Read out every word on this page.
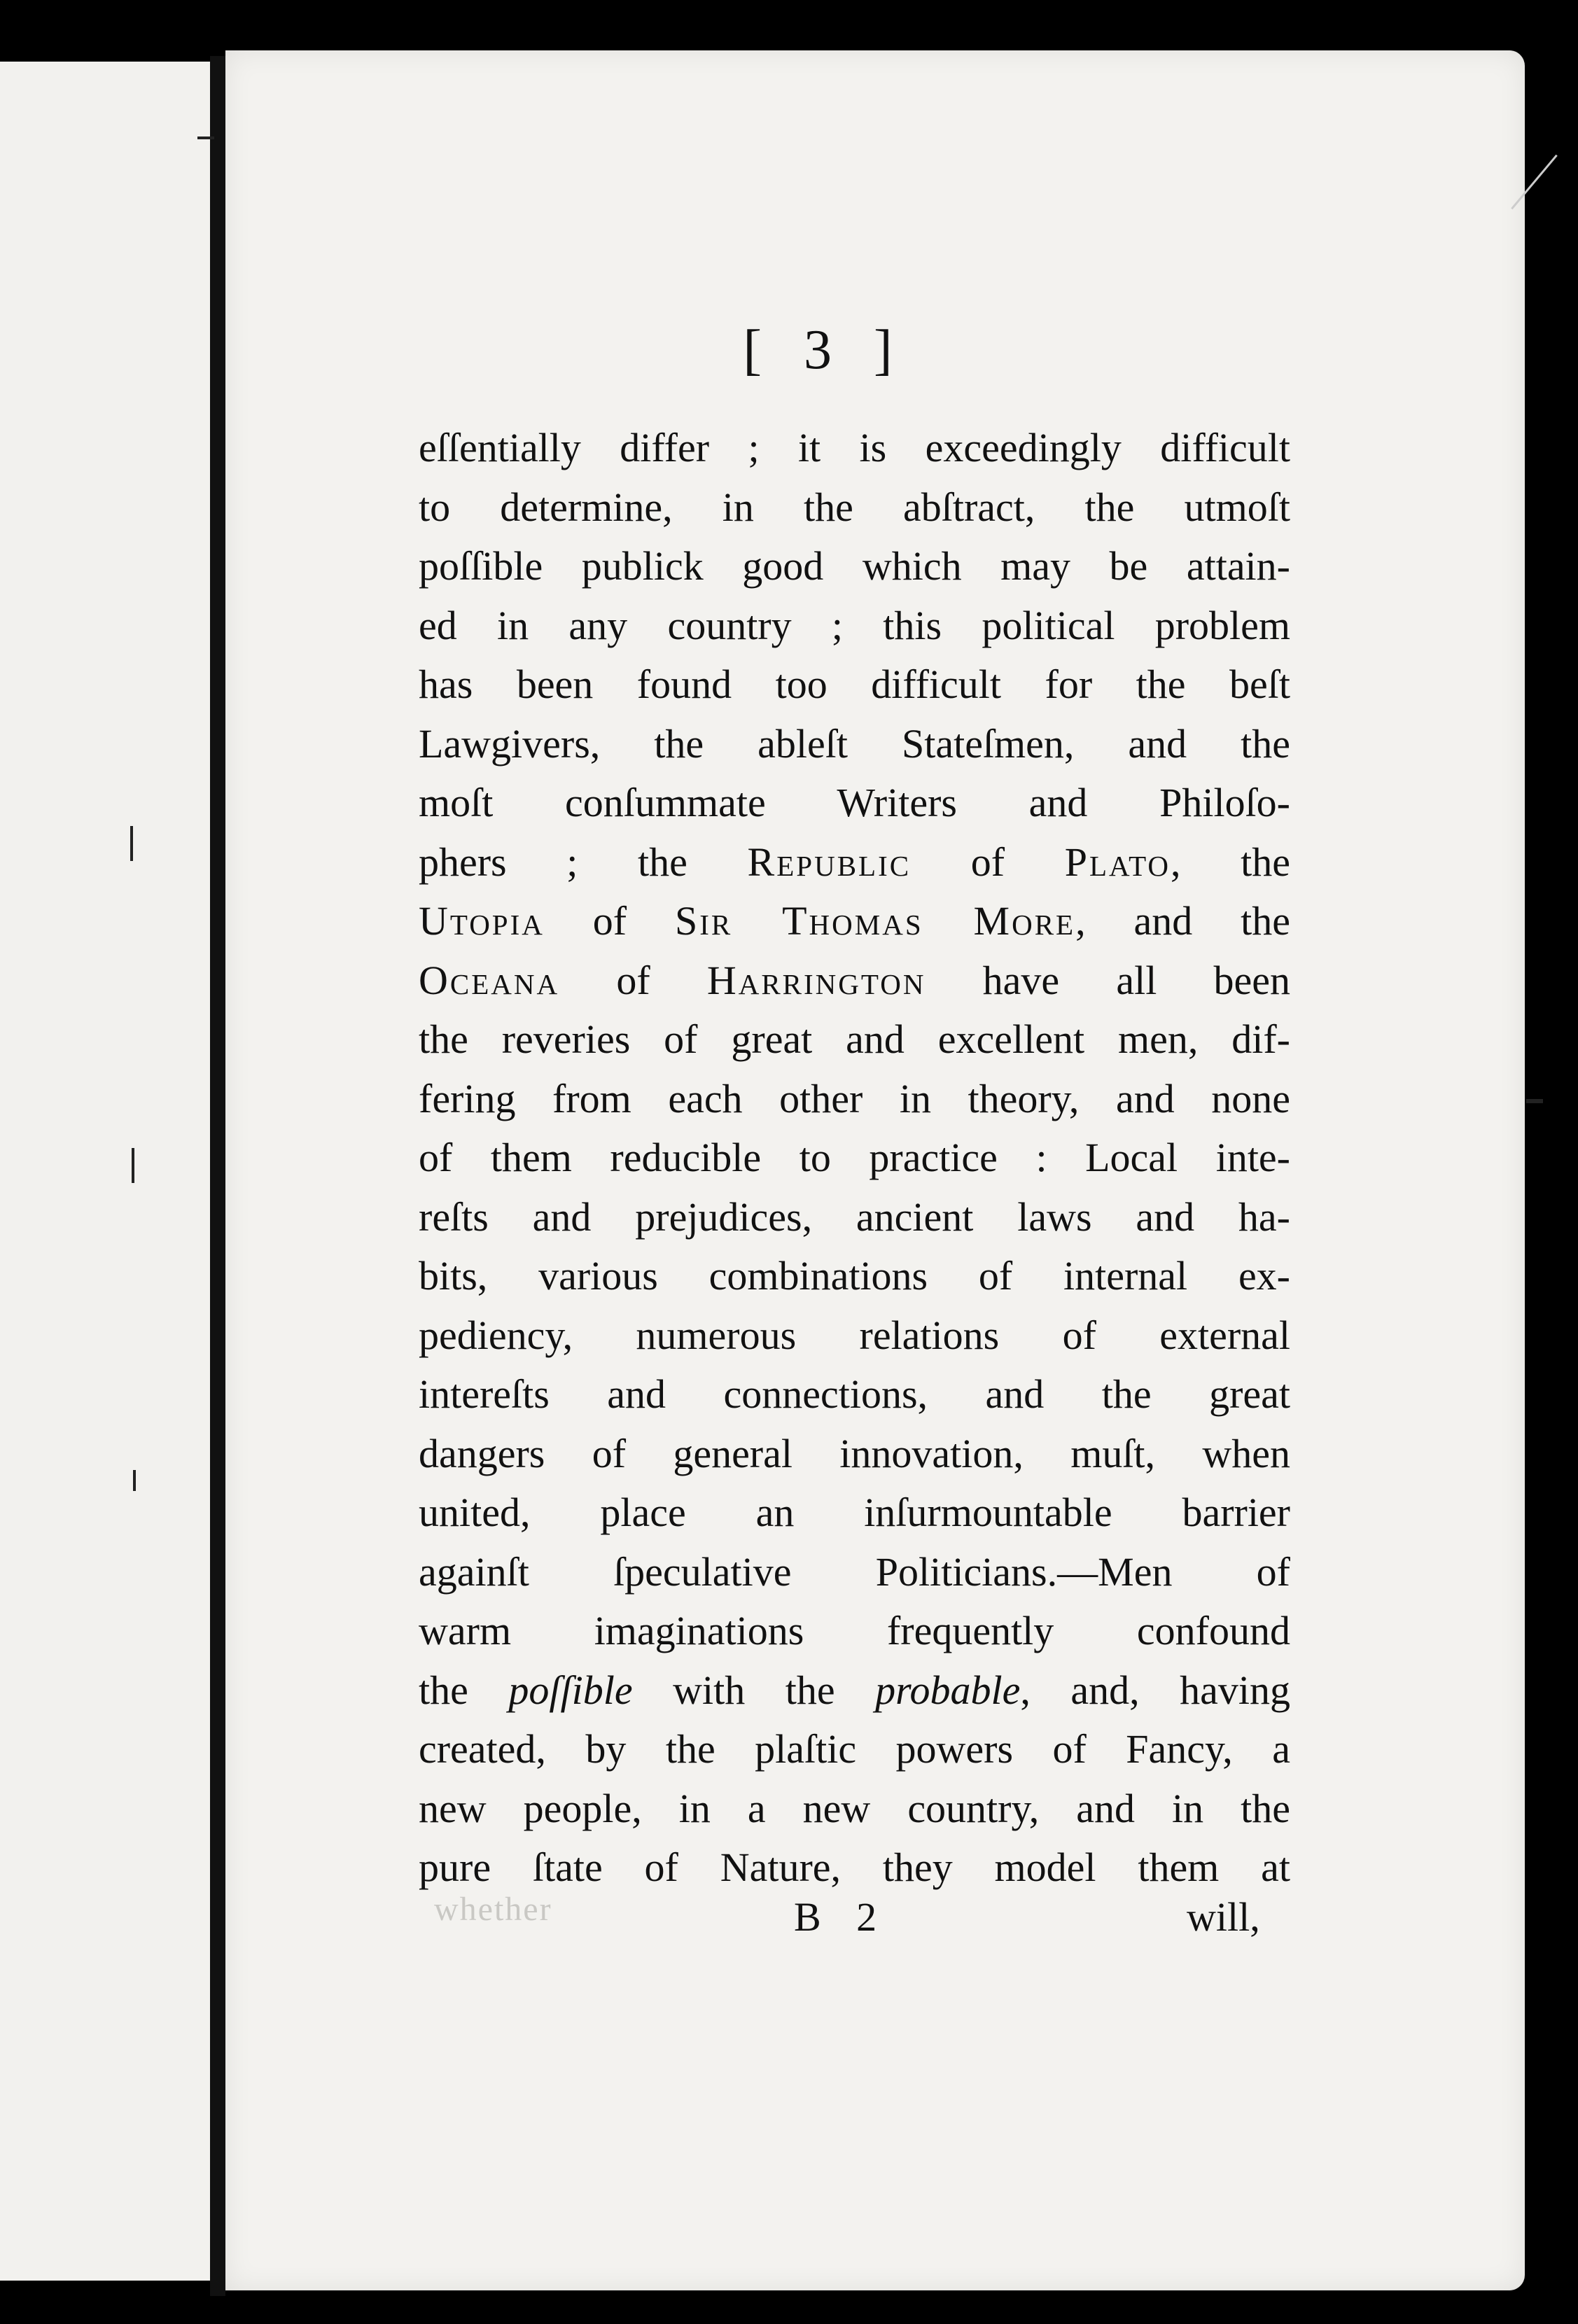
[ 3 ]
eſſentially differ ; it is exceedingly difficult
to determine, in the abſtract, the utmoſt
poſſible publick good which may be attain-
ed in any country ; this political problem
has been found too difficult for the beſt
Lawgivers, the ableſt Stateſmen, and the
moſt conſummate Writers and Philoſo-
phers ; the Republic of Plato, the
Utopia of Sir Thomas More, and the
Oceana of Harrington have all been
the reveries of great and excellent men, dif-
fering from each other in theory, and none
of them reducible to practice : Local inte-
reſts and prejudices, ancient laws and ha-
bits, various combinations of internal ex-
pediency, numerous relations of external
intereſts and connections, and the great
dangers of general innovation, muſt, when
united, place an inſurmountable barrier
againſt ſpeculative Politicians.—Men of
warm imaginations frequently confound
the poſſible with the probable, and, having
created, by the plaſtic powers of Fancy, a
new people, in a new country, and in the
pure ſtate of Nature, they model them at
whether	B 2	will,
